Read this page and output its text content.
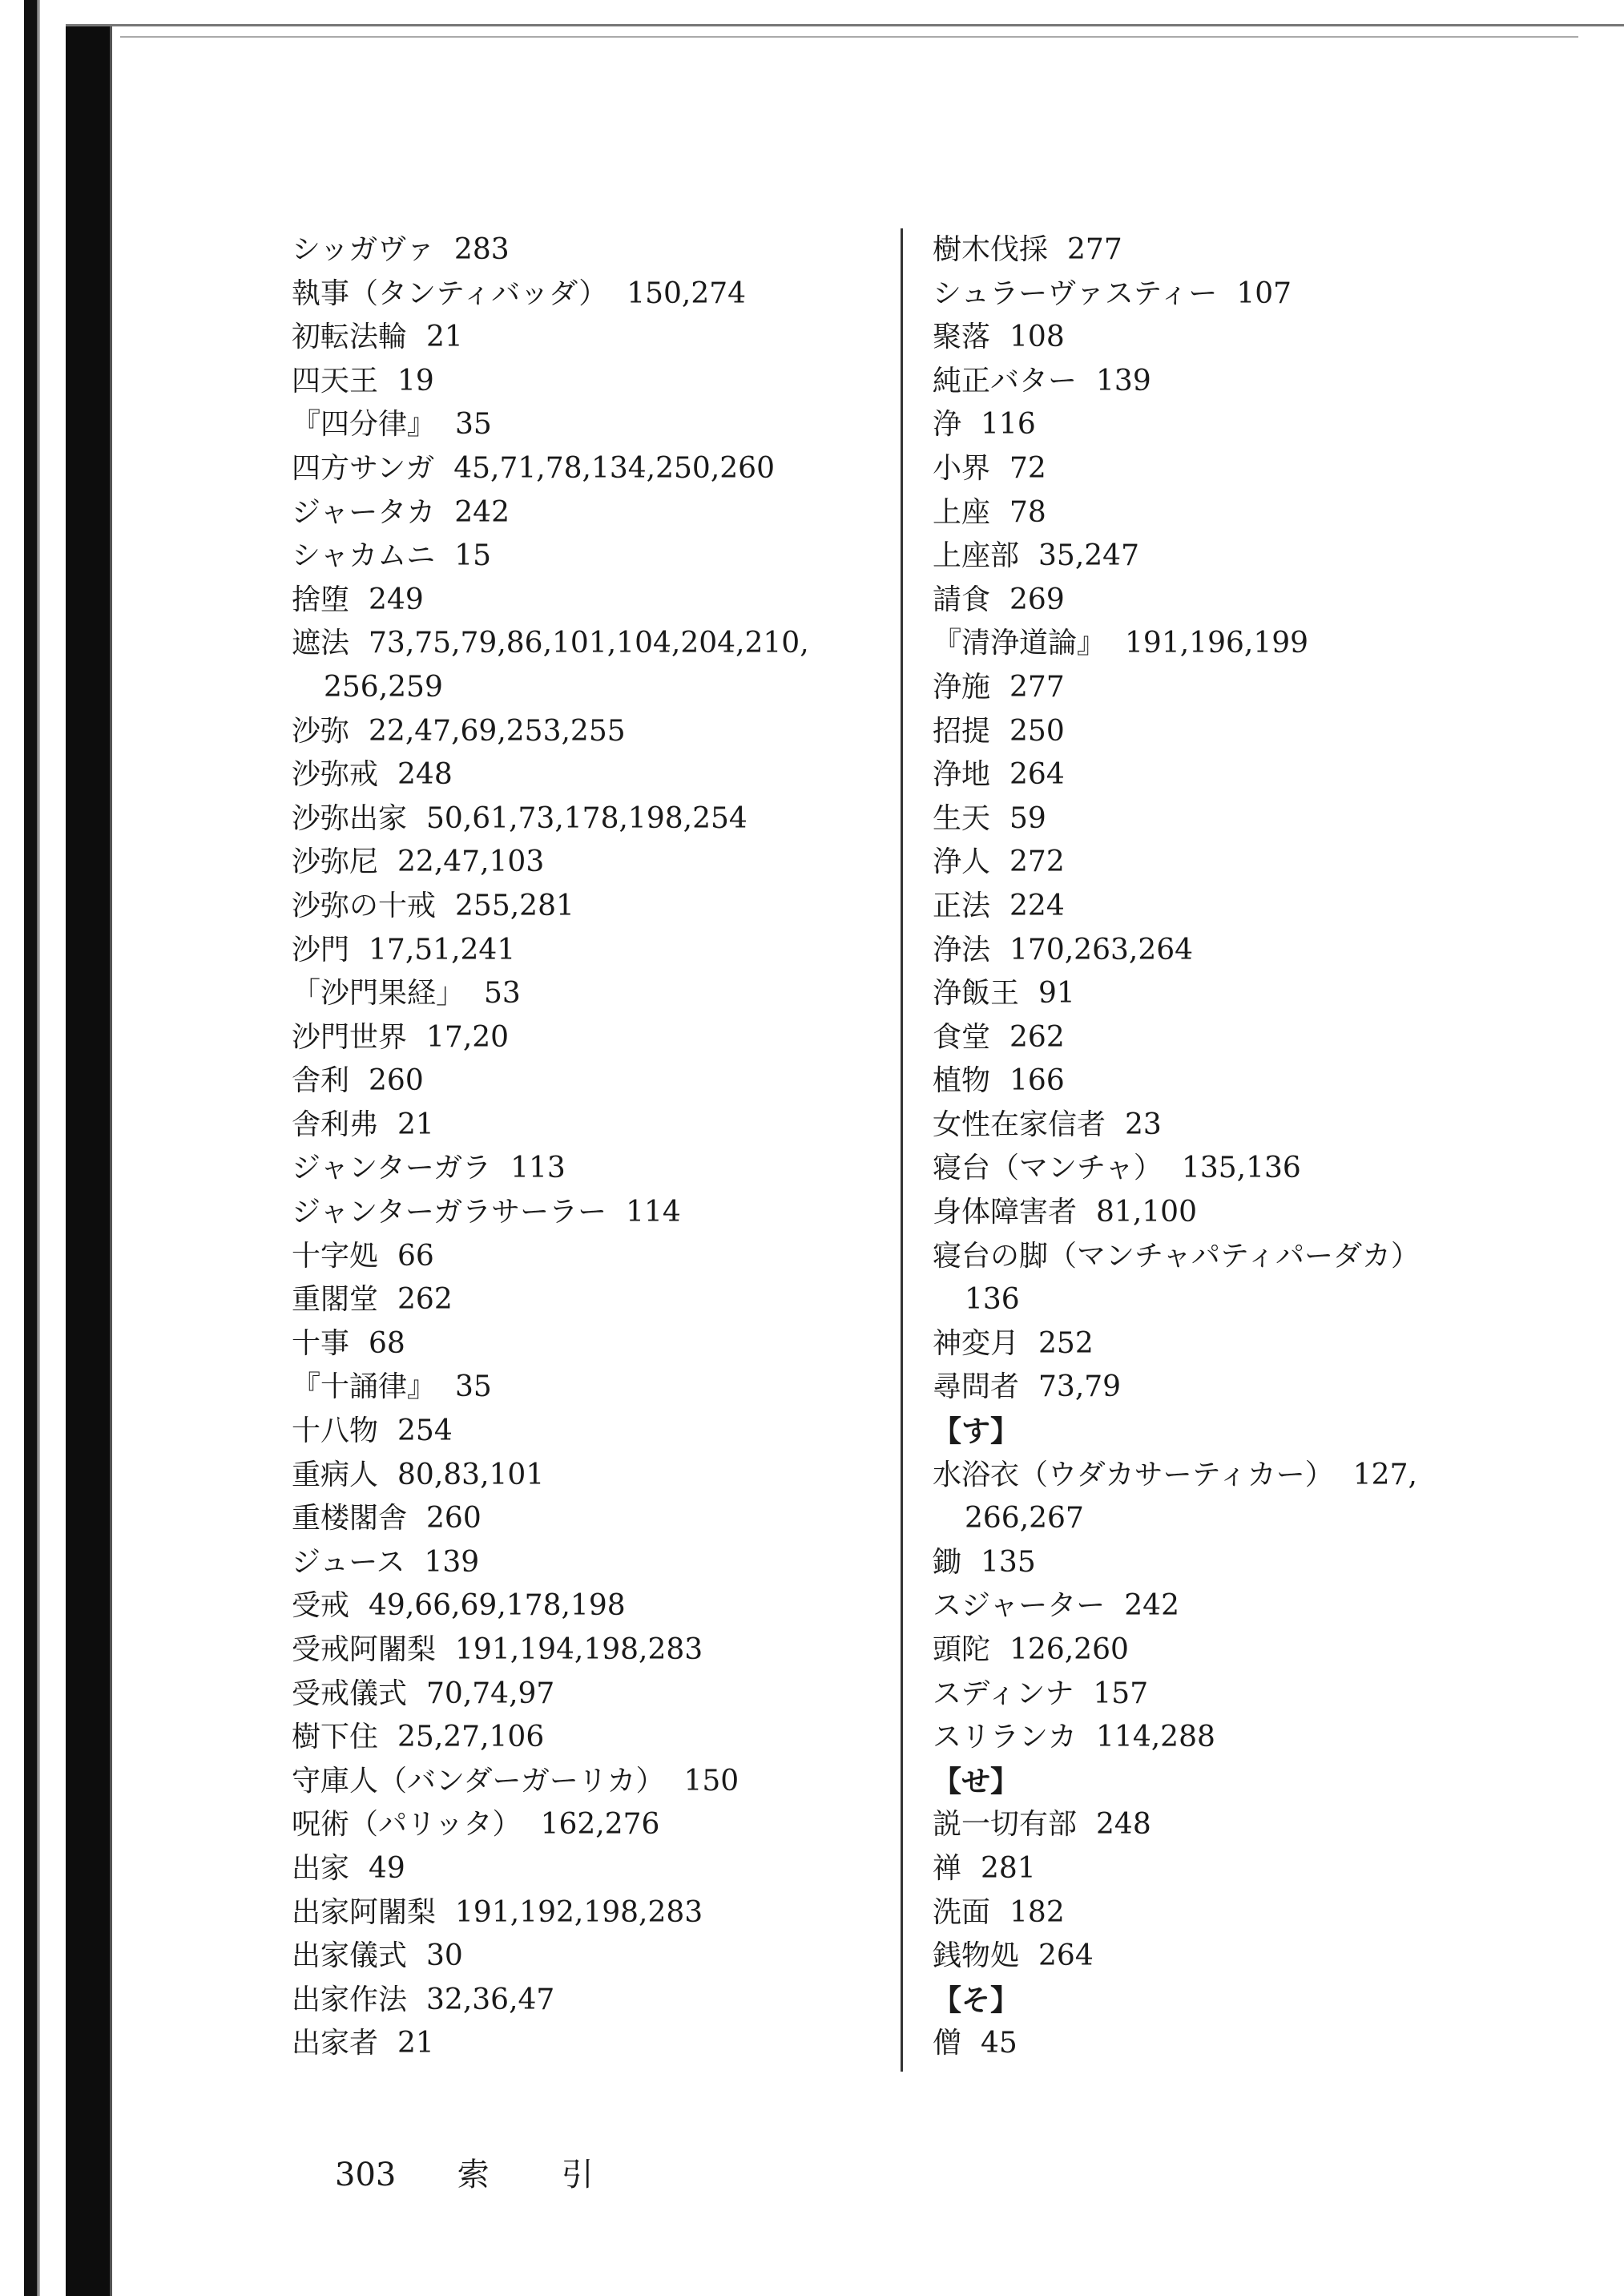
シッガヴァ 283
執事（タンティバッダ） 150,274
初転法輪 21
四天王 19
『四分律』 35
四方サンガ 45,71,78,134,250,260
ジャータカ 242
シャカムニ 15
捨堕 249
遮法 73,75,79,86,101,104,204,210,
256,259
沙弥 22,47,69,253,255
沙弥戒 248
沙弥出家 50,61,73,178,198,254
沙弥尼 22,47,103
沙弥の十戒 255,281
沙門 17,51,241
「沙門果経」 53
沙門世界 17,20
舎利 260
舎利弗 21
ジャンターガラ 113
ジャンターガラサーラー 114
十字処 66
重閣堂 262
十事 68
『十誦律』 35
十八物 254
重病人 80,83,101
重楼閣舎 260
ジュース 139
受戒 49,66,69,178,198
受戒阿闍梨 191,194,198,283
受戒儀式 70,74,97
樹下住 25,27,106
守庫人（バンダーガーリカ） 150
呪術（パリッタ） 162,276
出家 49
出家阿闍梨 191,192,198,283
出家儀式 30
出家作法 32,36,47
出家者 21
樹木伐採 277
シュラーヴァスティー 107
聚落 108
純正バター 139
浄 116
小界 72
上座 78
上座部 35,247
請食 269
『清浄道論』 191,196,199
浄施 277
招提 250
浄地 264
生天 59
浄人 272
正法 224
浄法 170,263,264
浄飯王 91
食堂 262
植物 166
女性在家信者 23
寝台（マンチャ） 135,136
身体障害者 81,100
寝台の脚（マンチャパティパーダカ）
136
神変月 252
尋問者 73,79
【す】
水浴衣（ウダカサーティカー） 127,
266,267
鋤 135
スジャーター 242
頭陀 126,260
スディンナ 157
スリランカ 114,288
【せ】
説一切有部 248
禅 281
洗面 182
銭物処 264
【そ】
僧 45
303 索引
